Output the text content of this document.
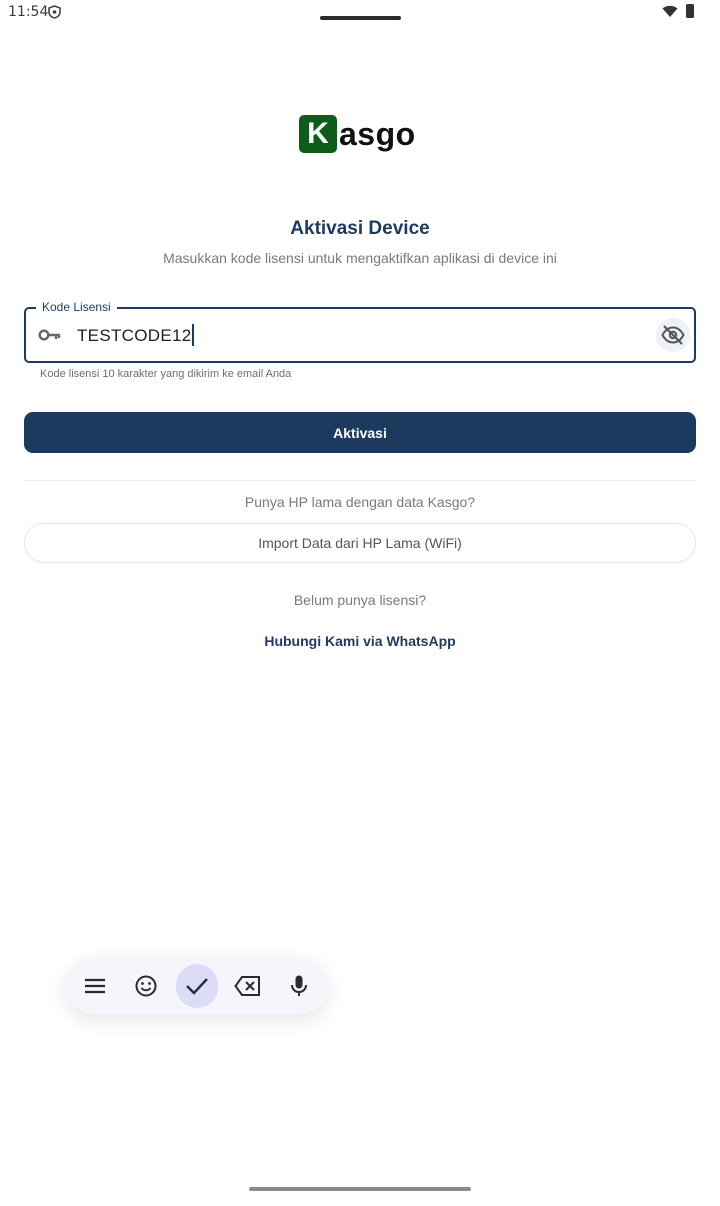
11:54
K asgo
Aktivasi Device
Masukkan kode lisensi untuk mengaktifkan aplikasi di device ini
Kode Lisensi
TESTCODE12
Kode lisensi 10 karakter yang dikirim ke email Anda
Aktivasi
Punya HP lama dengan data Kasgo?
Import Data dari HP Lama (WiFi)
Belum punya lisensi?
Hubungi Kami via WhatsApp
